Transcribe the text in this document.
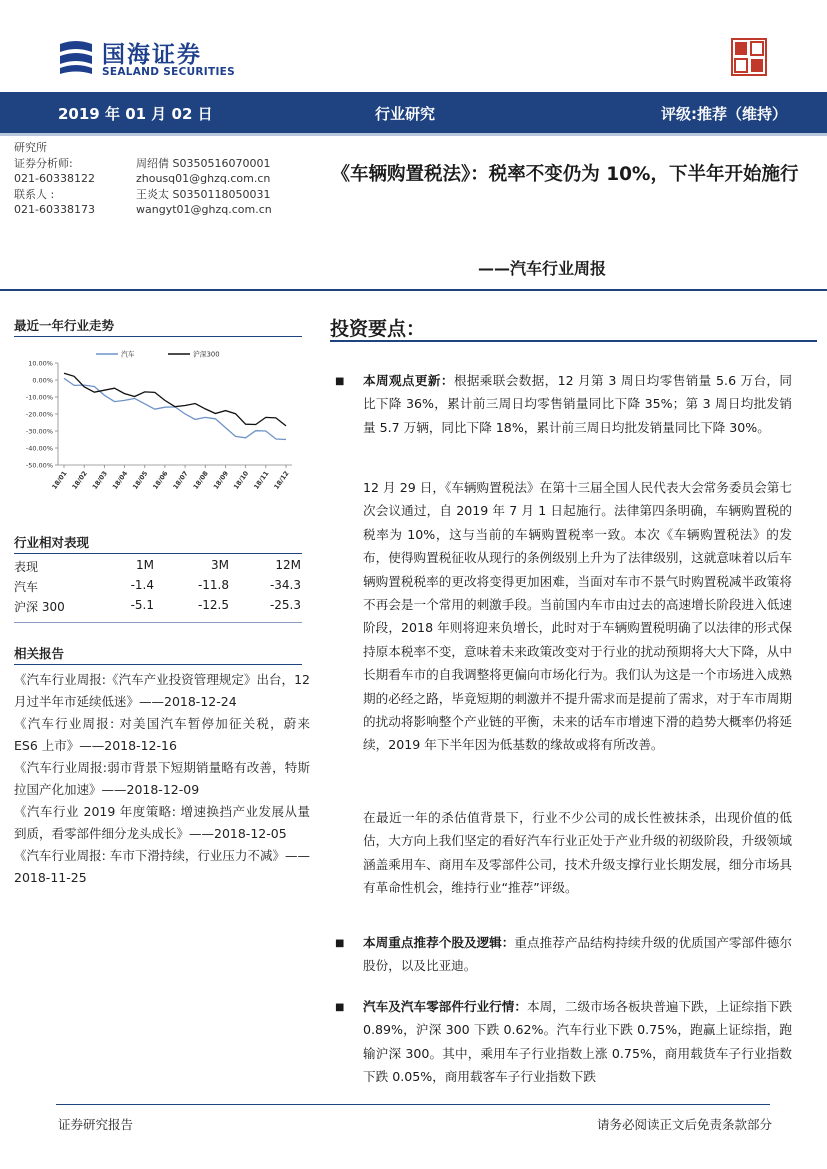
国海证券
SEALAND SECURITIES
2019 年 01 月 02 日	行业研究	评级:推荐（维持）
研究所
证券分析师:	周绍倩 S0350516070001
021-60338122	zhousq01@ghzq.com.cn
联系人 :	王炎太 S0350118050031
021-60338173	wangyt01@ghzq.com.cn
《车辆购置税法》：税率不变仍为 10%，下半年开始施行
——汽车行业周报
最近一年行业走势
10.00%
0.00%
-10.00%
-20.00%
-30.00%
-40.00%
-50.00%
18/01 18/02 18/03 18/04 18/05 18/06 18/07 18/08 18/09 18/10 18/11 18/12
汽车	沪深300
行业相对表现
表现	1M	3M	12M
汽车	-1.4	-11.8	-34.3
沪深 300	-5.1	-12.5	-25.3
相关报告

《汽车行业周报:《汽车产业投资管理规定》出台，12 月过半年市延续低迷》——2018-12-24

《汽车行业周报: 对美国汽车暂停加征关税，蔚来 ES6 上市》——2018-12-16

《汽车行业周报:弱市背景下短期销量略有改善，特斯拉国产化加速》——2018-12-09

《汽车行业 2019 年度策略: 增速换挡产业发展从量到质，看零部件细分龙头成长》——2018-12-05

《汽车行业周报: 车市下滑持续，行业压力不减》——2018-11-25

投资要点：
■ 本周观点更新：根据乘联会数据，12 月第 3 周日均零售销量 5.6 万台，同比下降 36%，累计前三周日均零售销量同比下降 35%；第 3 周日均批发销量 5.7 万辆，同比下降 18%，累计前三周日均批发销量同比下降 30%。
12 月 29 日，《车辆购置税法》在第十三届全国人民代表大会常务委员会第七次会议通过，自 2019 年 7 月 1 日起施行。法律第四条明确，车辆购置税的税率为 10%，这与当前的车辆购置税率一致。本次《车辆购置税法》的发布，使得购置税征收从现行的条例级别上升为了法律级别，这就意味着以后车辆购置税税率的更改将变得更加困难，当面对车市不景气时购置税减半政策将不再会是一个常用的刺激手段。当前国内车市由过去的高速增长阶段进入低速阶段，2018 年则将迎来负增长，此时对于车辆购置税明确了以法律的形式保持原本税率不变，意味着未来政策改变对于行业的扰动预期将大大下降，从中长期看车市的自我调整将更偏向市场化行为。我们认为这是一个市场进入成熟期的必经之路，毕竟短期的刺激并不提升需求而是提前了需求，对于车市周期的扰动将影响整个产业链的平衡，未来的话车市增速下滑的趋势大概率仍将延续，2019 年下半年因为低基数的缘故或将有所改善。
在最近一年的杀估值背景下，行业不少公司的成长性被抹杀，出现价值的低估，大方向上我们坚定的看好汽车行业正处于产业升级的初级阶段，升级领域涵盖乘用车、商用车及零部件公司，技术升级支撑行业长期发展，细分市场具有革命性机会，维持行业“推荐”评级。
■ 本周重点推荐个股及逻辑：重点推荐产品结构持续升级的优质国产零部件德尔股份，以及比亚迪。
■ 汽车及汽车零部件行业行情：本周，二级市场各板块普遍下跌，上证综指下跌 0.89%，沪深 300 下跌 0.62%。汽车行业下跌 0.75%，跑赢上证综指，跑输沪深 300。其中，乘用车子行业指数上涨 0.75%，商用载货车子行业指数下跌 0.05%，商用载客车子行业指数下跌
证券研究报告	请务必阅读正文后免责条款部分
